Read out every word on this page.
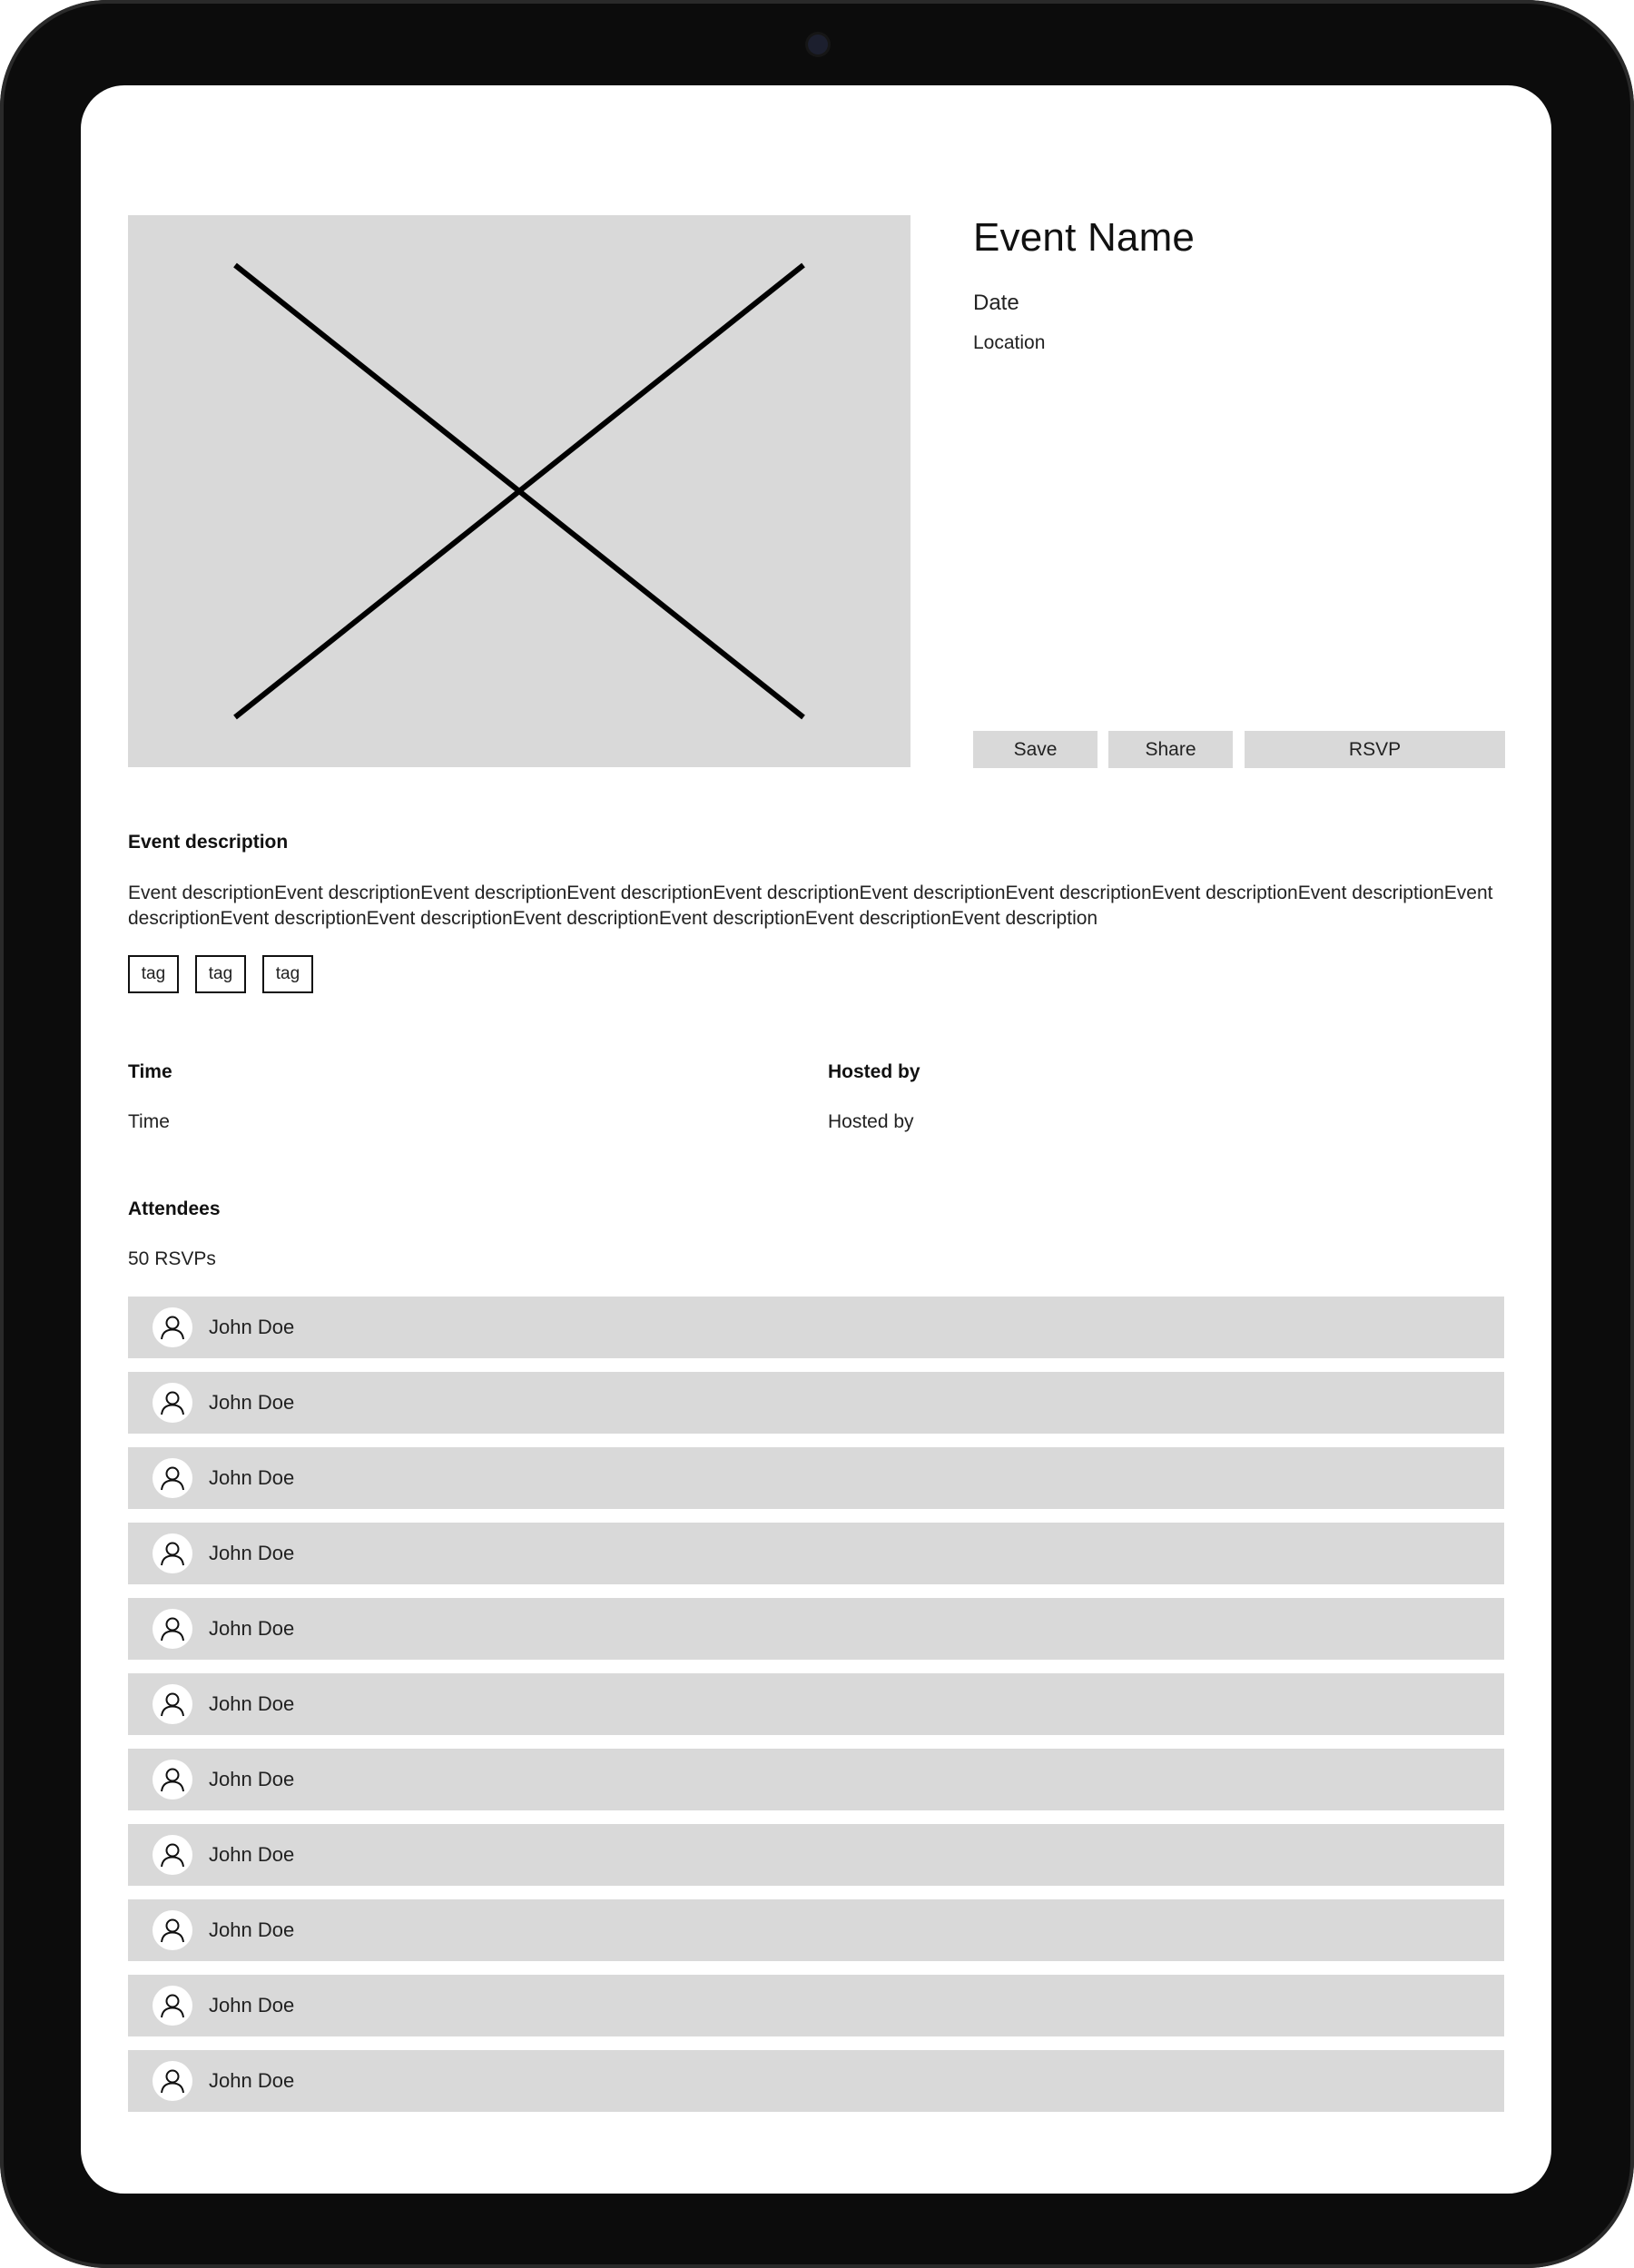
Event Name
Date
Location
Save	Share	RSVP
Event description
Event descriptionEvent descriptionEvent descriptionEvent descriptionEvent descriptionEvent descriptionEvent descriptionEvent descriptionEvent descriptionEvent descriptionEvent descriptionEvent descriptionEvent descriptionEvent descriptionEvent descriptionEvent description
tag	tag	tag
Time
Time
Hosted by
Hosted by
Attendees
50 RSVPs
John Doe
John Doe
John Doe
John Doe
John Doe
John Doe
John Doe
John Doe
John Doe
John Doe
John Doe
